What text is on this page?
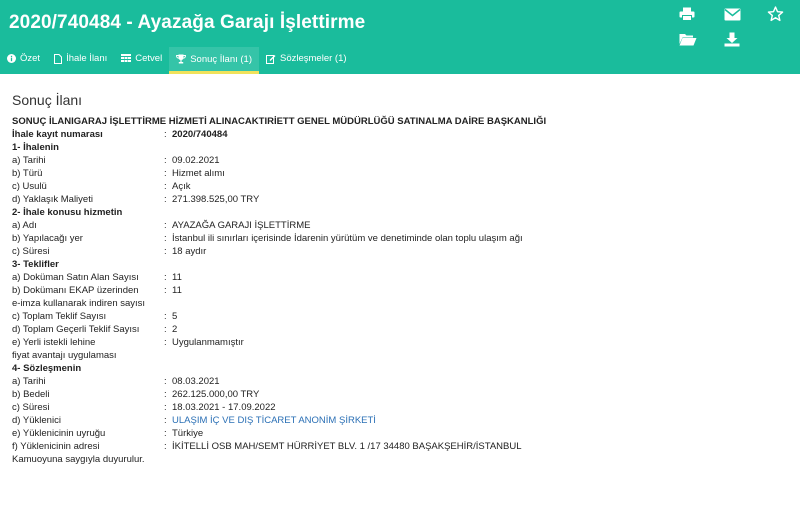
2020/740484 - Ayazağa Garajı İşlettirme
Özet	İhale İlanı	Cetvel	Sonuç İlanı (1)	Sözleşmeler (1)
Sonuç İlanı
SONUÇ İLANIGARAJ İŞLETTİRME HİZMETİ ALINACAKTIRİETT GENEL MÜDÜRLÜĞÜ SATINALMA DAİRE BAŞKANLIĞI
İhale kayıt numarası	: 2020/740484
1- İhalenin
a) Tarihi	: 09.02.2021
b) Türü	: Hizmet alımı
c) Usulü	: Açık
d) Yaklaşık Maliyeti	: 271.398.525,00 TRY
2- İhale konusu hizmetin
a) Adı	: AYAZAĞA GARAJI İŞLETTİRME
b) Yapılacağı yer	: İstanbul ili sınırları içerisinde İdarenin yürütüm ve denetiminde olan toplu ulaşım ağı
c) Süresi	: 18 aydır
3- Teklifler
a) Doküman Satın Alan Sayısı	: 11
b) Dokümanı EKAP üzerinden	: 11
e-imza kullanarak indiren sayısı
c) Toplam Teklif Sayısı	: 5
d) Toplam Geçerli Teklif Sayısı	: 2
e) Yerli istekli lehine	: Uygulanmamıştır
fiyat avantajı uygulaması
4- Sözleşmenin
a) Tarihi	: 08.03.2021
b) Bedeli	: 262.125.000,00 TRY
c) Süresi	: 18.03.2021 - 17.09.2022
d) Yüklenici	: ULAŞIM İÇ VE DIŞ TİCARET ANONİM ŞİRKETİ
e) Yüklenicinin uyruğu	: Türkiye
f) Yüklenicinin adresi	: İKİTELLİ OSB MAH/SEMT HÜRRİYET BLV. 1 /17 34480 BAŞAKŞEHİR/İSTANBUL
Kamuoyuna saygıyla duyurulur.
